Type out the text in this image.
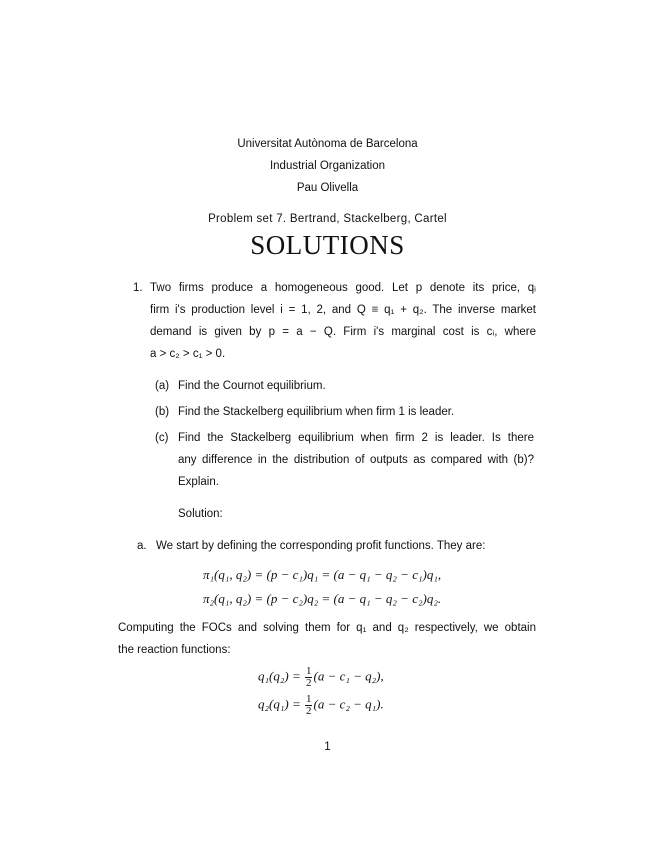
Universitat Autònoma de Barcelona
Industrial Organization
Pau Olivella
Problem set 7. Bertrand, Stackelberg, Cartel
SOLUTIONS
1. Two firms produce a homogeneous good. Let p denote its price, qᵢ
firm i's production level i = 1, 2, and Q ≡ q₁ + q₂. The inverse market
demand is given by p = a − Q. Firm i's marginal cost is cᵢ, where
a > c₂ > c₁ > 0.
(a) Find the Cournot equilibrium.
(b) Find the Stackelberg equilibrium when firm 1 is leader.
(c) Find the Stackelberg equilibrium when firm 2 is leader. Is there
any difference in the distribution of outputs as compared with (b)?
Explain.
Solution:
a. We start by defining the corresponding profit functions. They are:
π₁(q₁, q₂) = (p − c₁)q₁ = (a − q₁ − q₂ − c₁)q₁,
π₂(q₁, q₂) = (p − c₂)q₂ = (a − q₁ − q₂ − c₂)q₂.
Computing the FOCs and solving them for q₁ and q₂ respectively, we obtain
the reaction functions:
$q_1(q_2) = \frac{1}{2} (a - c_1 - q_2)$,
$q_2(q_1) = \frac{1}{2} (a - c_2 - q_1)$.
1
